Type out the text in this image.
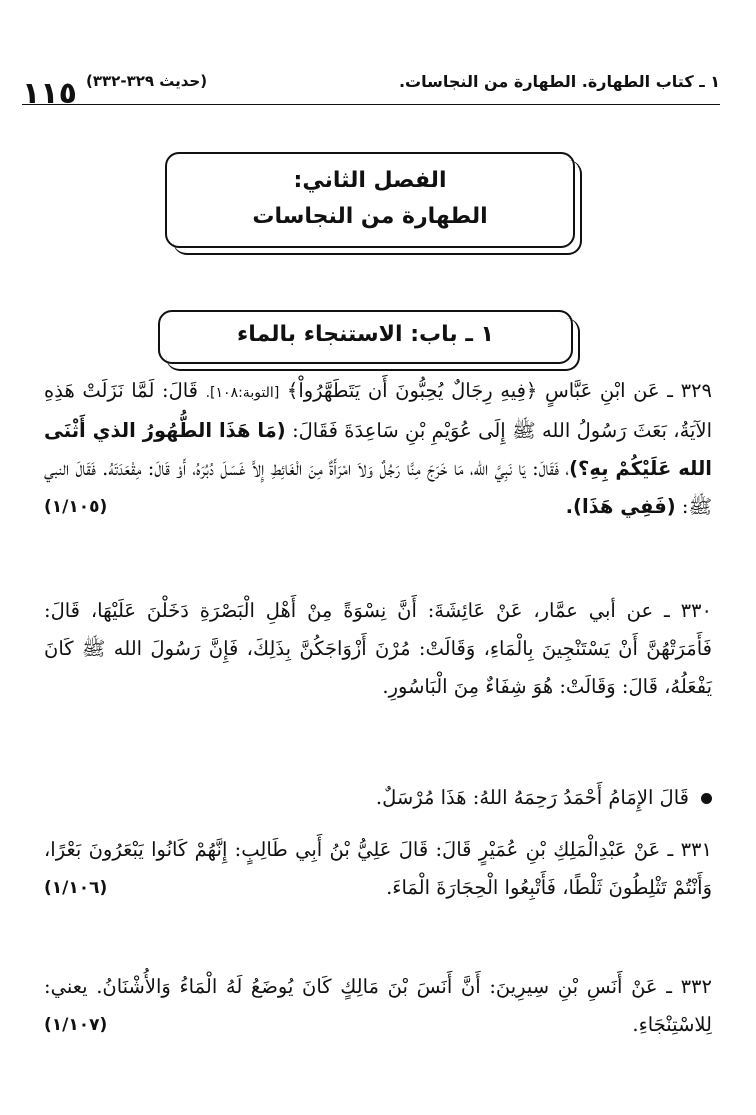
١ ـ كتاب الطهارة. الطهارة من النجاسات.
(حديث ٣٢٩-٣٣٢)
١١٥
الفصل الثاني:
الطهارة من النجاسات
١ ـ باب: الاستنجاء بالماء
٣٢٩ ـ عَن ابْنِ عَبَّاسٍ ﴿فِيهِ رِجَالٌ يُحِبُّونَ أَن يَتَطَهَّرُواْ﴾ [التوبة:١٠٨]. قَالَ: لَمَّا نَزَلَتْ هَذِهِ الآيَةُ، بَعَثَ رَسُولُ الله ﷺ إِلَى عُوَيْمِ بْنِ سَاعِدَةَ فَقَالَ: (مَا هَذَا الطُّهُورُ الذي أَثْنَى الله عَلَيْكُمْ بِهِ؟)، فَقَالَ: يَا نَبِيَّ الله، مَا خَرَجَ مِنَّا رَجُلٌ وَلاَ امْرَأَةٌ مِنَ الْغَائِطِ إِلاَّ غَسَلَ دُبُرَهُ، أَوْ قَالَ: مِقْعَدَتَهُ. فَقَالَ النبي ﷺ: (فَفِي هَذَا).
(١/١٠٥)
٣٣٠ ـ عن أبي عمَّار، عَنْ عَائِشَةَ: أَنَّ نِسْوَةً مِنْ أَهْلِ الْبَصْرَةِ دَخَلْنَ عَلَيْهَا، قَالَ: فَأَمَرَتْهُنَّ أَنْ يَسْتَنْجِينَ بِالْمَاءِ، وَقَالَتْ: مُرْنَ أَزْوَاجَكُنَّ بِذَلِكَ، فَإِنَّ رَسُولَ الله ﷺ كَانَ يَفْعَلُهُ، قَالَ: وَقَالَتْ: هُوَ شِفَاءٌ مِنَ الْبَاسُورِ.
قَالَ الإِمَامُ أَحْمَدُ رَحِمَهُ اللهُ: هَذَا مُرْسَلٌ.
٣٣١ ـ عَنْ عَبْدِالْمَلِكِ بْنِ عُمَيْرٍ قَالَ: قَالَ عَلِيُّ بْنُ أَبِي طَالِبٍ: إِنَّهُمْ كَانُوا يَبْعَرُونَ بَعْرًا، وَأَنْتُمْ تَثْلِطُونَ ثَلْطًا، فَأَتْبِعُوا الْحِجَارَةَ الْمَاءَ.
(١/١٠٦)
٣٣٢ ـ عَنْ أَنَسِ بْنِ سِيرِينَ: أَنَّ أَنَسَ بْنَ مَالِكٍ كَانَ يُوضَعُ لَهُ الْمَاءُ وَالأُشْنَانُ. يعني: لِلاسْتِنْجَاءِ.
(١/١٠٧)
